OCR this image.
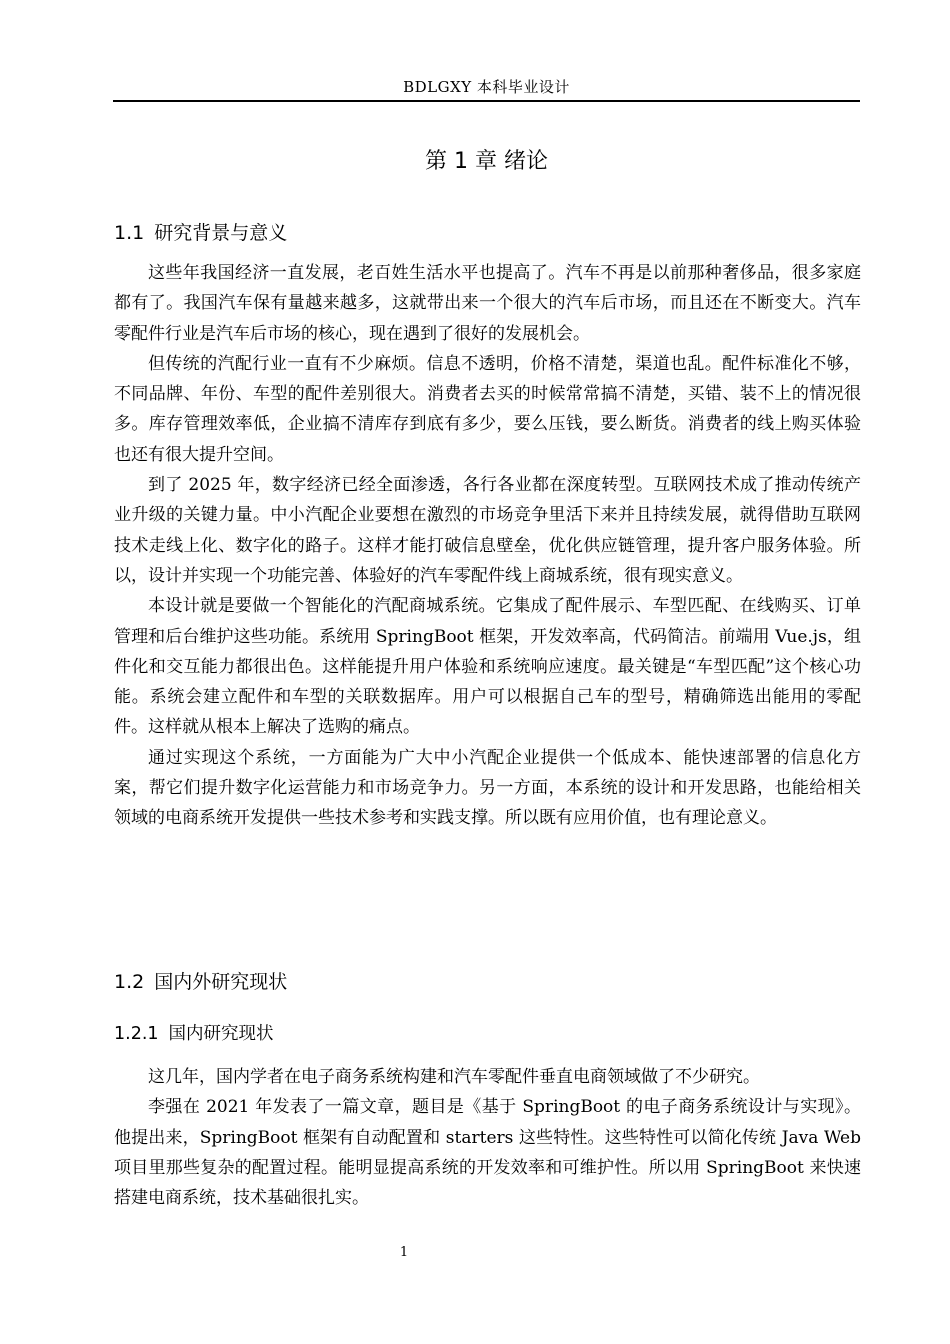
BDLGXY 本科毕业设计
第 1 章 绪论
1.1 研究背景与意义

这些年我国经济一直发展，老百姓生活水平也提高了。汽车不再是以前那种奢侈品，很多家庭都有了。我国汽车保有量越来越多，这就带出来一个很大的汽车后市场，而且还在不断变大。汽车零配件行业是汽车后市场的核心，现在遇到了很好的发展机会。

但传统的汽配行业一直有不少麻烦。信息不透明，价格不清楚，渠道也乱。配件标准化不够，不同品牌、年份、车型的配件差别很大。消费者去买的时候常常搞不清楚，买错、装不上的情况很多。库存管理效率低，企业搞不清库存到底有多少，要么压钱，要么断货。消费者的线上购买体验也还有很大提升空间。

到了 2025 年，数字经济已经全面渗透，各行各业都在深度转型。互联网技术成了推动传统产业升级的关键力量。中小汽配企业要想在激烈的市场竞争里活下来并且持续发展，就得借助互联网技术走线上化、数字化的路子。这样才能打破信息壁垒，优化供应链管理，提升客户服务体验。所以，设计并实现一个功能完善、体验好的汽车零配件线上商城系统，很有现实意义。

本设计就是要做一个智能化的汽配商城系统。它集成了配件展示、车型匹配、在线购买、订单管理和后台维护这些功能。系统用 SpringBoot 框架，开发效率高，代码简洁。前端用 Vue.js，组件化和交互能力都很出色。这样能提升用户体验和系统响应速度。最关键是“车型匹配”这个核心功能。系统会建立配件和车型的关联数据库。用户可以根据自己车的型号，精确筛选出能用的零配件。这样就从根本上解决了选购的痛点。

通过实现这个系统，一方面能为广大中小汽配企业提供一个低成本、能快速部署的信息化方案，帮它们提升数字化运营能力和市场竞争力。另一方面，本系统的设计和开发思路，也能给相关领域的电商系统开发提供一些技术参考和实践支撑。所以既有应用价值，也有理论意义。

1.2 国内外研究现状
1.2.1 国内研究现状

这几年，国内学者在电子商务系统构建和汽车零配件垂直电商领域做了不少研究。

李强在 2021 年发表了一篇文章，题目是《基于 SpringBoot 的电子商务系统设计与实现》。他提出来，SpringBoot 框架有自动配置和 starters 这些特性。这些特性可以简化传统 Java Web 项目里那些复杂的配置过程。能明显提高系统的开发效率和可维护性。所以用 SpringBoot 来快速搭建电商系统，技术基础很扎实。

1
